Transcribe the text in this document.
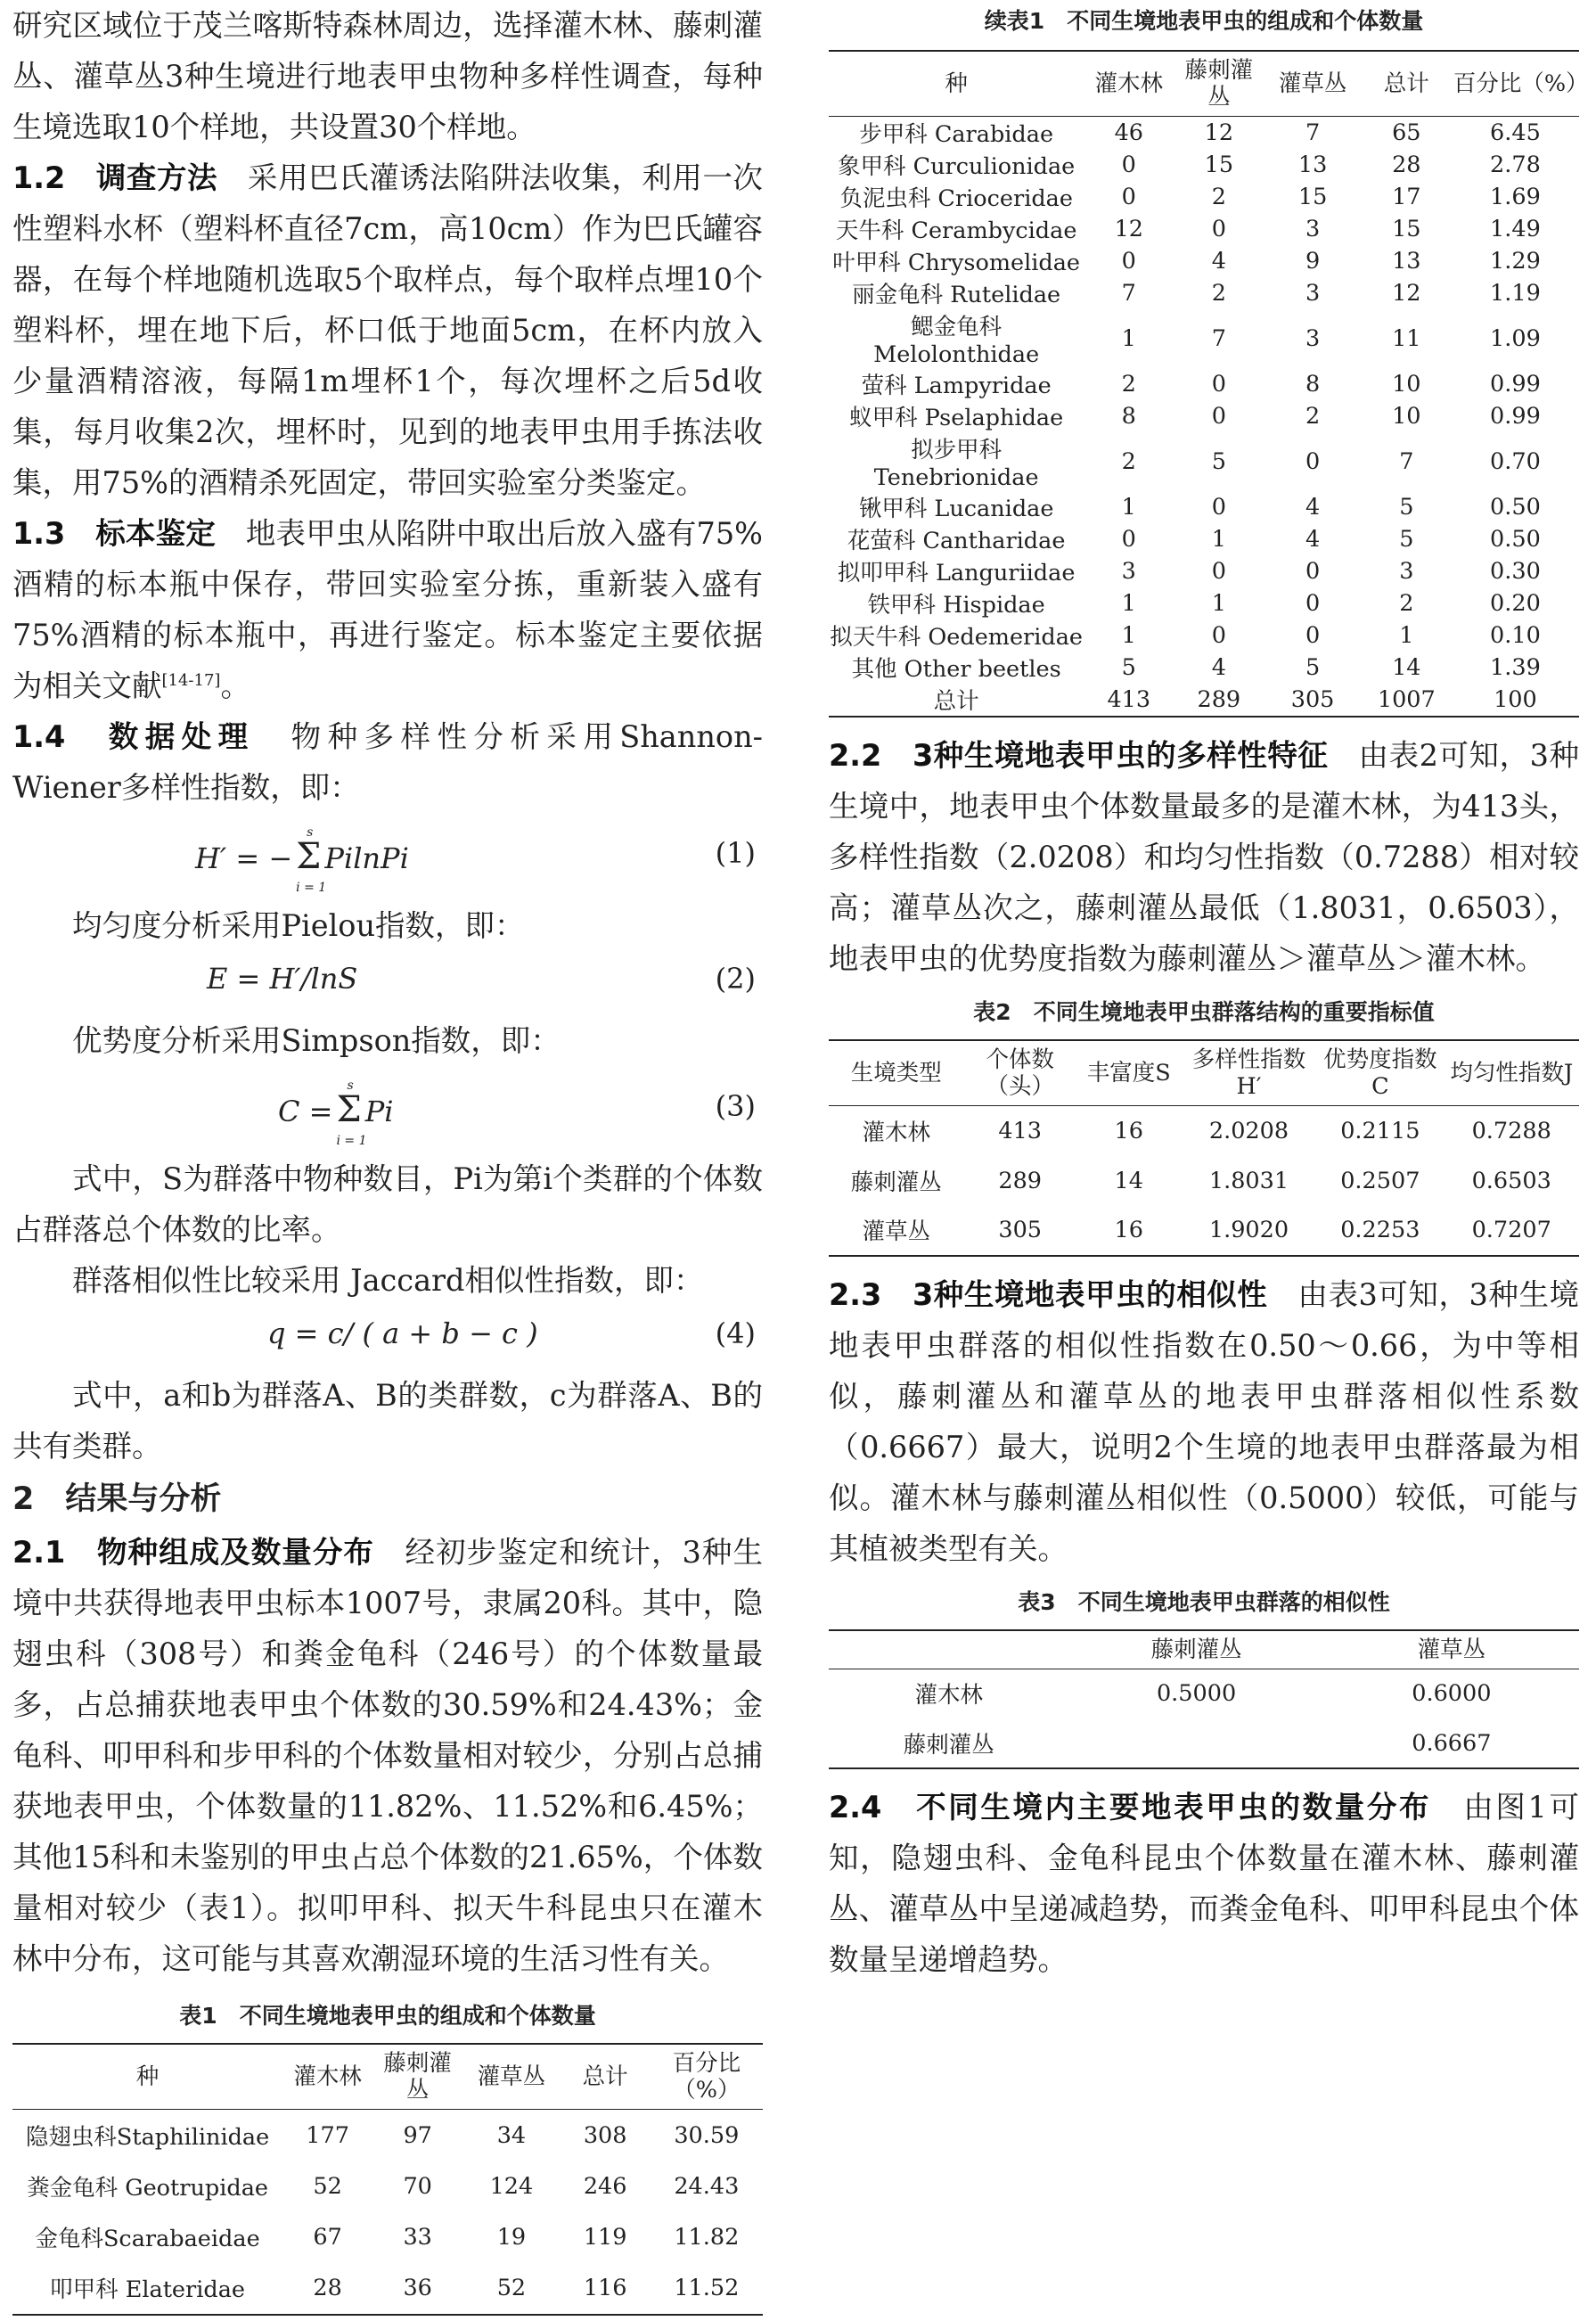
研究区域位于茂兰喀斯特森林周边，选择灌木林、藤刺灌丛、灌草丛3种生境进行地表甲虫物种多样性调查，每种生境选取10个样地，共设置30个样地。

1.2　调查方法　 采用巴氏灌诱法陷阱法收集，利用一次性塑料水杯（塑料杯直径7cm，高10cm）作为巴氏罐容器，在每个样地随机选取5个取样点，每个取样点埋10个塑料杯，埋在地下后，杯口低于地面5cm，在杯内放入少量酒精溶液，每隔1m埋杯1个，每次埋杯之后5d收集，每月收集2次，埋杯时，见到的地表甲虫用手拣法收集，用75%的酒精杀死固定，带回实验室分类鉴定。

1.3　标本鉴定　 地表甲虫从陷阱中取出后放入盛有75%酒精的标本瓶中保存，带回实验室分拣，重新装入盛有75%酒精的标本瓶中，再进行鉴定。标本鉴定主要依据为相关文献[14-17]。

1.4　数据处理　 物种多样性分析采用Shannon-Wiener多样性指数，即：

H′ = − Σ
s
i = 1
PilnPi	(1)

均匀度分析采用Pielou指数，即：

E = H′/lnS	(2)

优势度分析采用Simpson指数，即：

C = Σ
s
i = 1
Pi	(3)

式中，S为群落中物种数目，Pi为第i个类群的个体数占群落总个体数的比率。

群落相似性比较采用 Jaccard相似性指数，即：

q = c/ ( a + b − c )	(4)

式中，a和b为群落A、B的类群数，c为群落A、B的共有类群。

2　结果与分析

2.1　物种组成及数量分布　 经初步鉴定和统计，3种生境中共获得地表甲虫标本1007号，隶属20科。其中，隐翅虫科（308号）和粪金龟科（246号）的个体数量最多，占总捕获地表甲虫个体数的30.59%和24.43%；金龟科、叩甲科和步甲科的个体数量相对较少，分别占总捕获地表甲虫，个体数量的11.82%、11.52%和6.45%；其他15科和未鉴别的甲虫占总个体数的21.65%，个体数量相对较少（表1）。拟叩甲科、拟天牛科昆虫只在灌木林中分布，这可能与其喜欢潮湿环境的生活习性有关。

表1　不同生境地表甲虫的组成和个体数量
种	灌木林	藤刺灌丛	灌草丛	总计	百分比（%）
隐翅虫科Staphilinidae	177	97	34	308	30.59
粪金龟科 Geotrupidae	52	70	124	246	24.43
金龟科Scarabaeidae	67	33	19	119	11.82
叩甲科 Elateridae	28	36	52	116	11.52
续表1　不同生境地表甲虫的组成和个体数量
种	灌木林	藤刺灌丛	灌草丛	总计	百分比（%）
步甲科 Carabidae	46	12	7	65	6.45
象甲科 Curculionidae	0	15	13	28	2.78
负泥虫科 Crioceridae	0	2	15	17	1.69
天牛科 Cerambycidae	12	0	3	15	1.49
叶甲科 Chrysomelidae	0	4	9	13	1.29
丽金龟科 Rutelidae	7	2	3	12	1.19
鳃金龟科 Melolonthidae	1	7	3	11	1.09
萤科 Lampyridae	2	0	8	10	0.99
蚁甲科 Pselaphidae	8	0	2	10	0.99
拟步甲科 Tenebrionidae	2	5	0	7	0.70
锹甲科 Lucanidae	1	0	4	5	0.50
花萤科 Cantharidae	0	1	4	5	0.50
拟叩甲科 Languriidae	3	0	0	3	0.30
铁甲科 Hispidae	1	1	0	2	0.20
拟天牛科 Oedemeridae	1	0	0	1	0.10
其他 Other beetles	5	4	5	14	1.39
总计	413	289	305	1007	100

2.2　3种生境地表甲虫的多样性特征　 由表2可知，3种生境中，地表甲虫个体数量最多的是灌木林，为413头，多样性指数（2.0208）和均匀性指数（0.7288）相对较高；灌草丛次之，藤刺灌丛最低（1.8031，0.6503），地表甲虫的优势度指数为藤刺灌丛＞灌草丛＞灌木林。

表2　不同生境地表甲虫群落结构的重要指标值
生境类型	个体数（头）	丰富度S	多样性指数H′	优势度指数C	均匀性指数J
灌木林	413	16	2.0208	0.2115	0.7288
藤刺灌丛	289	14	1.8031	0.2507	0.6503
灌草丛	305	16	1.9020	0.2253	0.7207

2.3　3种生境地表甲虫的相似性　 由表3可知，3种生境地表甲虫群落的相似性指数在0.50～0.66，为中等相似，藤刺灌丛和灌草丛的地表甲虫群落相似性系数（0.6667）最大，说明2个生境的地表甲虫群落最为相似。灌木林与藤刺灌丛相似性（0.5000）较低，可能与其植被类型有关。

表3　不同生境地表甲虫群落的相似性
	藤刺灌丛	灌草丛
灌木林	0.5000	0.6000
藤刺灌丛		0.6667

2.4　不同生境内主要地表甲虫的数量分布　 由图1可知，隐翅虫科、金龟科昆虫个体数量在灌木林、藤刺灌丛、灌草丛中呈递减趋势，而粪金龟科、叩甲科昆虫个体数量呈递增趋势。
